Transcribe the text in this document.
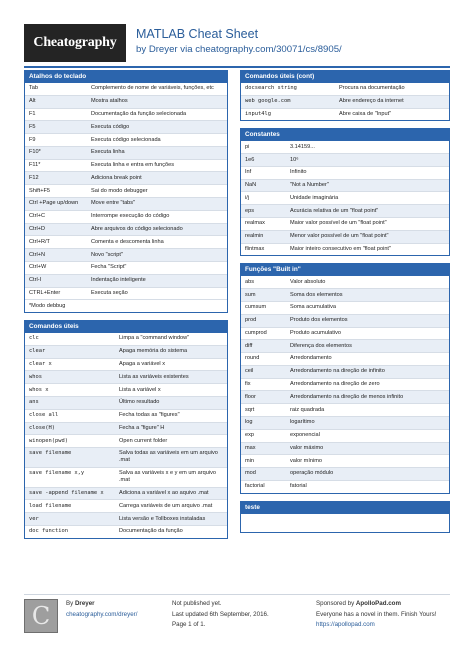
Cheatography
MATLAB Cheat Sheet
by Dreyer via cheatography.com/30071/cs/8905/
Atalhos do teclado
Tab	Complemento de nome de variáveis, funções, etc
Alt	Mostra atalhos
F1	Documentação da função selecionada
F5	Executa código
F9	Executa código selecionada
F10*	Executa linha
F11*	Executa linha e entra em funções
F12	Adiciona break point
Shift+F5	Sai do modo debugger
Ctrl +Page up/down	Move entre "tabs"
Ctrl+C	Interrompe execução do código
Ctrl+D	Abre arquivos do código selecionado
Ctrl+R/T	Comenta e descomenta linha
Ctrl+N	Novo "script"
Ctrl+W	Fecha "Script"
Ctrl-I	Indentação inteligente
CTRL+Enter	Executa seção
*Modo debbug
Comandos úteis
clc	Limpa a "command window"
clear	Apaga memória do sistema
clear x	Apaga a variável x
whos	Lista as variáveis existentes
whos x	Lista a variável x
ans	Último resultado
close all	Fecha todas as "figures"
close(H)	Fecha a "figure" H
winopen(pwd)	Open current folder
save filename	Salva todas as variáveis em um arquivo .mat
save filename x,y	Salva as variáveis x e y em um arquivo .mat
save -append filename x	Adiciona a variável x ao aquivo .mat
load filename	Carrega variáveis de um arquivo .mat
ver	Lista versão e Tollboxes instaladas
doc function	Documentação da função
Comandos úteis (cont)
docsearch string	Procura na documentação
web google.com	Abre endereço da internet
input4lg	Abre caixa de "Input"
Constantes
pi	3.14159...
1e6	10⁶
Inf	Infinito
NaN	"Not a Number"
i/j	Unidade imaginária
eps	Acurácia relativa de um "float point"
realmax	Maior valor possível de um "float point"
realmin	Menor valor possível de um "float point"
flintmax	Maior inteiro consecutivo em "float point"
Funções "Built in"
abs	Valor absoluto
sum	Soma dos elementos
cumsum	Soma acumulativa
prod	Produto dos elementos
cumprod	Produto acumulativo
diff	Diferença dos elementos
round	Arredondamento
ceil	Arredondamento na direção de infinito
fix	Arredondamento na direção de zero
floor	Arredondamento na direção de menos infinito
sqrt	raiz quadrada
log	logarítimo
exp	exponencial
max	valor máximo
min	valor mínimo
mod	operação módulo
factorial	fatorial
teste
C	By Dreyer
cheatography.com/dreyer/
Not published yet.
Last updated 6th September, 2016.
Page 1 of 1.
Sponsored by ApolloPad.com
Everyone has a novel in them. Finish Yours!
https://apollopad.com
